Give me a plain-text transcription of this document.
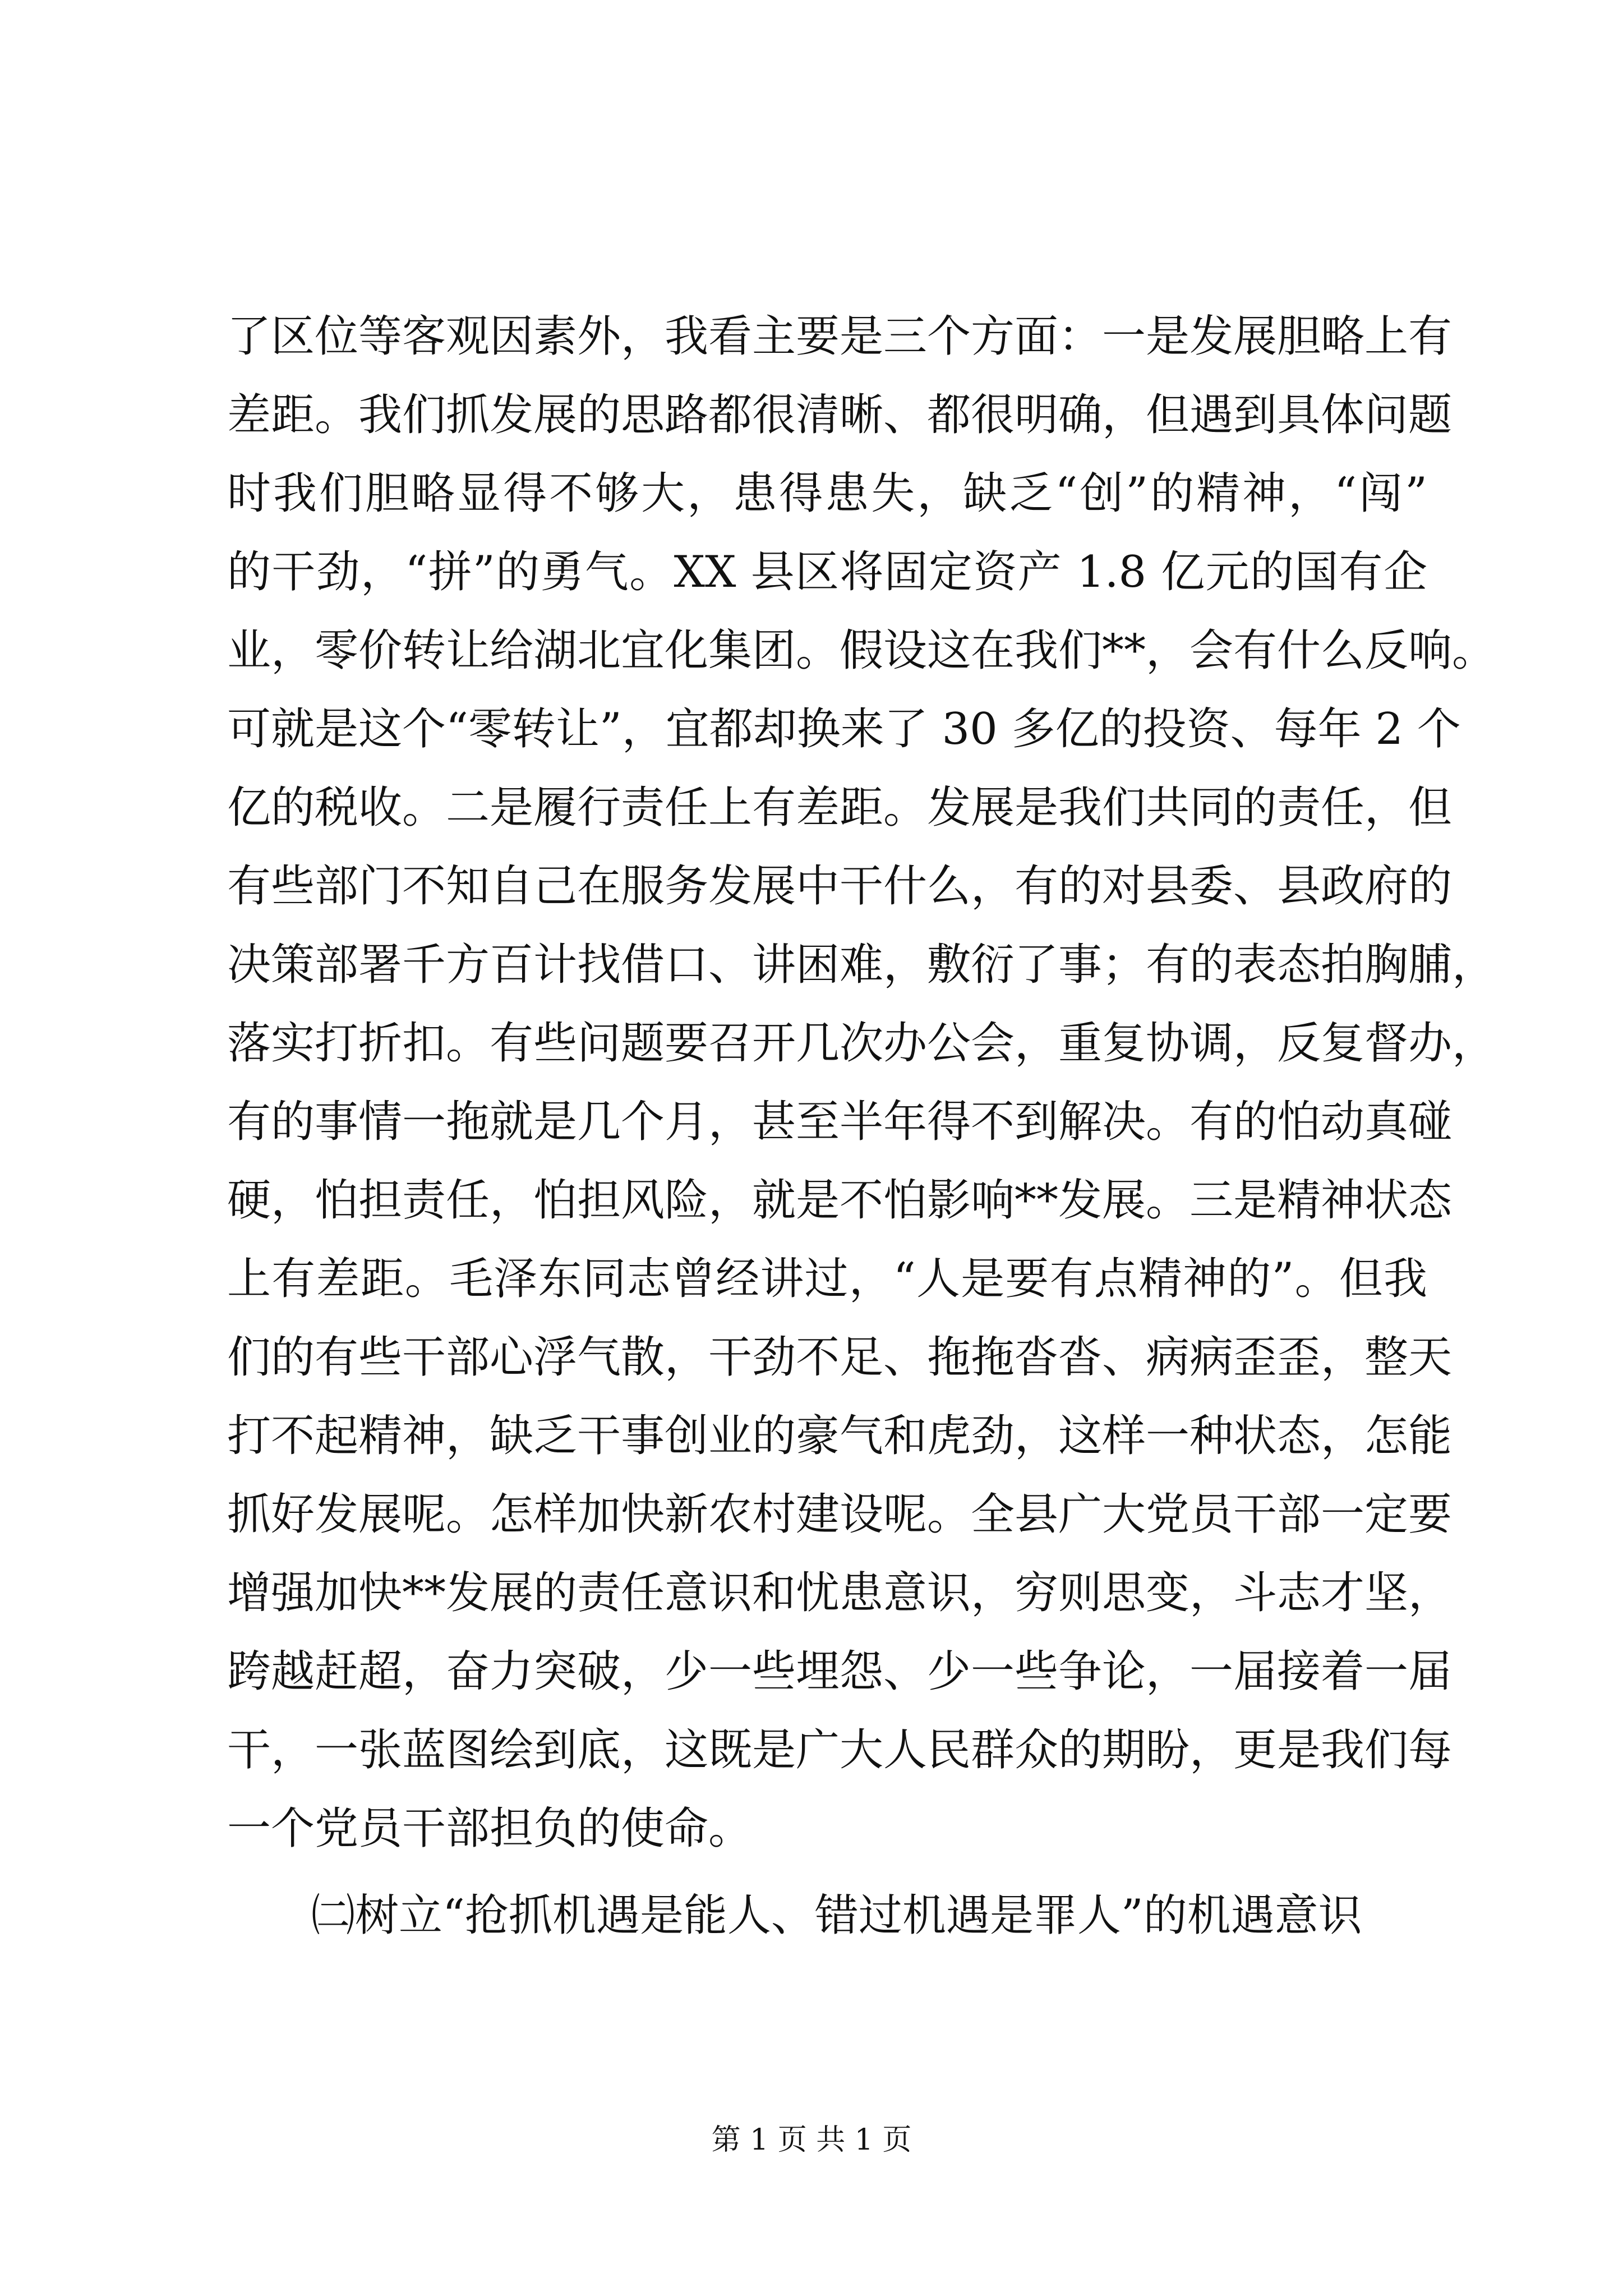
了区位等客观因素外，我看主要是三个方面：一是发展胆略上有
差距。我们抓发展的思路都很清晰、都很明确，但遇到具体问题
时我们胆略显得不够大，患得患失，缺乏“创”的精神，“闯”
的干劲，“拼”的勇气。XX 县区将固定资产 1.8 亿元的国有企
业，零价转让给湖北宜化集团。假设这在我们**，会有什么反响。
可就是这个“零转让”，宜都却换来了 30 多亿的投资、每年 2 个
亿的税收。二是履行责任上有差距。发展是我们共同的责任，但
有些部门不知自己在服务发展中干什么，有的对县委、县政府的
决策部署千方百计找借口、讲困难，敷衍了事；有的表态拍胸脯，
落实打折扣。有些问题要召开几次办公会，重复协调，反复督办，
有的事情一拖就是几个月，甚至半年得不到解决。有的怕动真碰
硬，怕担责任，怕担风险，就是不怕影响**发展。三是精神状态
上有差距。毛泽东同志曾经讲过，“人是要有点精神的”。但我
们的有些干部心浮气散，干劲不足、拖拖沓沓、病病歪歪，整天
打不起精神，缺乏干事创业的豪气和虎劲，这样一种状态，怎能
抓好发展呢。怎样加快新农村建设呢。全县广大党员干部一定要
增强加快**发展的责任意识和忧患意识，穷则思变，斗志才坚，
跨越赶超，奋力突破，少一些埋怨、少一些争论，一届接着一届
干，一张蓝图绘到底，这既是广大人民群众的期盼，更是我们每
一个党员干部担负的使命。
㈡树立“抢抓机遇是能人、错过机遇是罪人”的机遇意识
第 1 页 共 1 页
